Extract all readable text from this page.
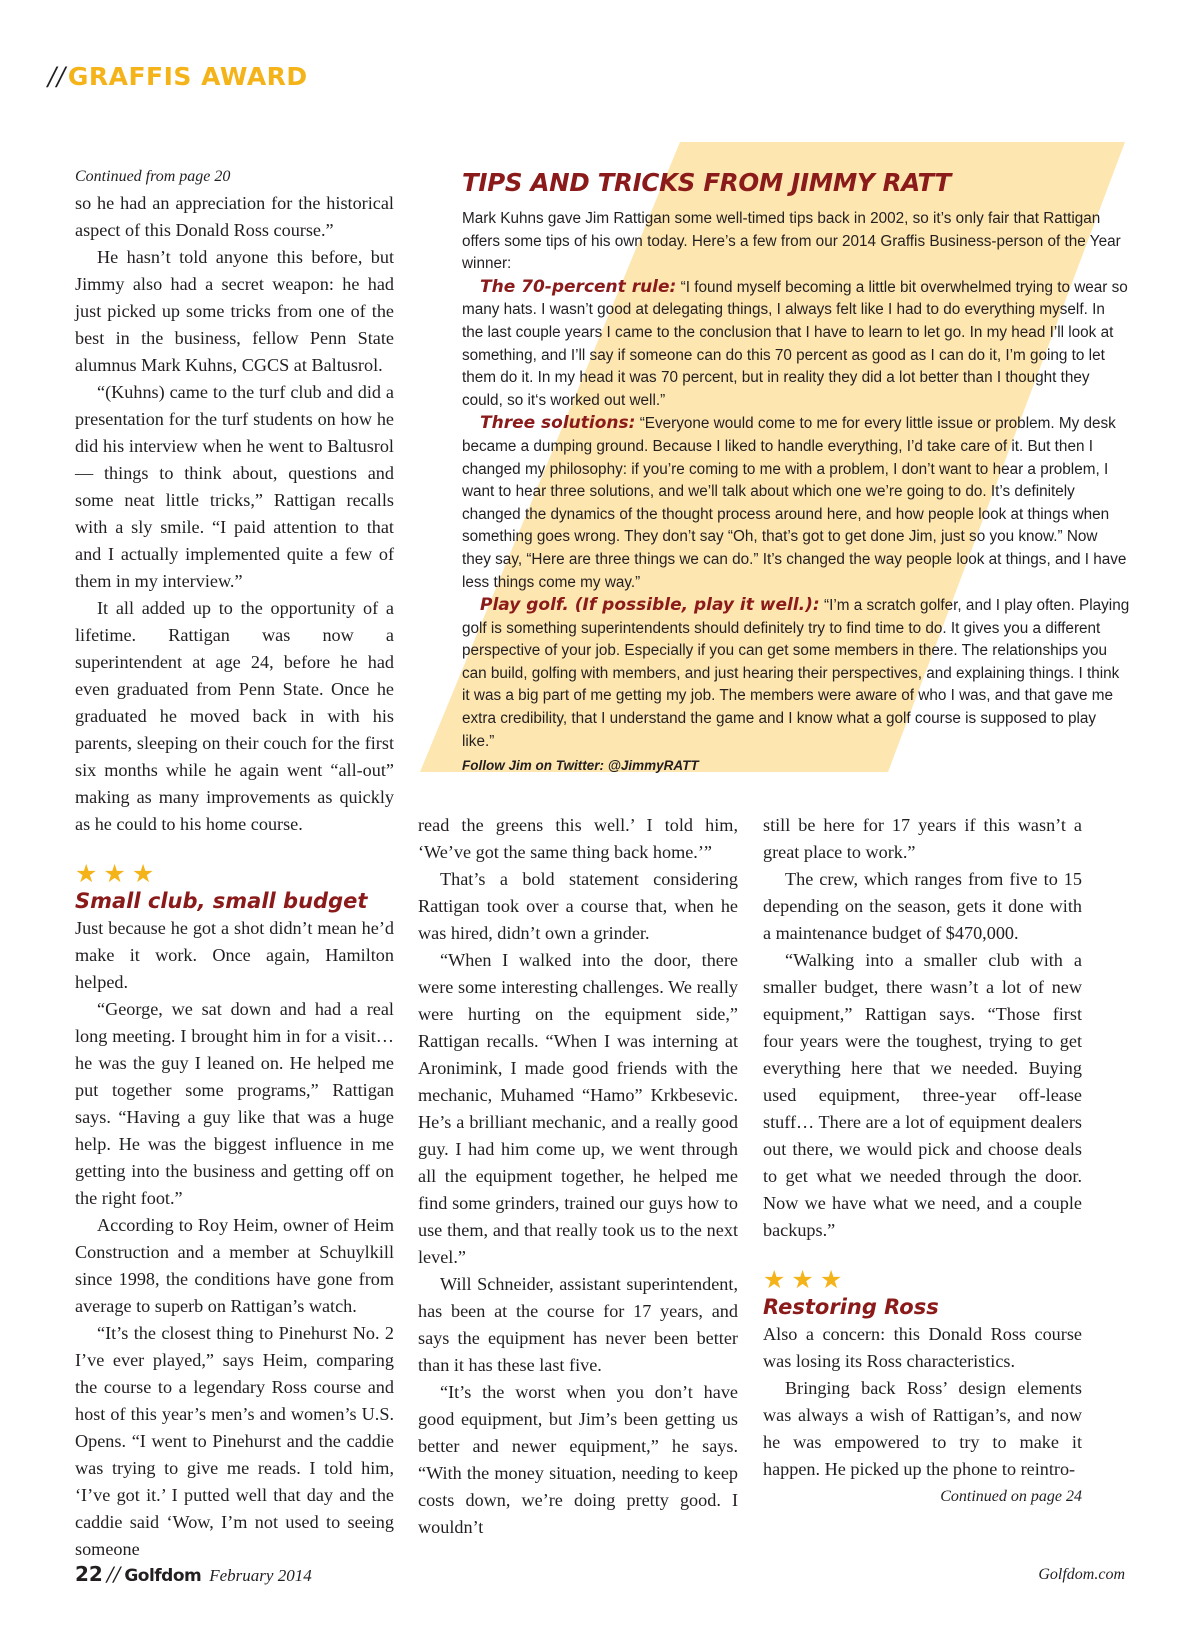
//GRAFFIS AWARD
Continued from page 20

so he had an appreciation for the historical aspect of this Donald Ross course.”

He hasn’t told anyone this before, but Jimmy also had a secret weapon: he had just picked up some tricks from one of the best in the business, fellow Penn State alumnus Mark Kuhns, CGCS at Baltusrol.

“(Kuhns) came to the turf club and did a presentation for the turf students on how he did his interview when he went to Baltusrol — things to think about, questions and some neat little tricks,” Rattigan recalls with a sly smile. “I paid attention to that and I actually implemented quite a few of them in my interview.”

It all added up to the opportunity of a lifetime. Rattigan was now a superintendent at age 24, before he had even graduated from Penn State. Once he graduated he moved back in with his parents, sleeping on their couch for the first six months while he again went “all-out” making as many improvements as quickly as he could to his home course.

★★★
Small club, small budget

Just because he got a shot didn’t mean he’d make it work. Once again, Hamilton helped.

“George, we sat down and had a real long meeting. I brought him in for a visit… he was the guy I leaned on. He helped me put together some programs,” Rattigan says. “Having a guy like that was a huge help. He was the biggest influence in me getting into the business and getting off on the right foot.”

According to Roy Heim, owner of Heim Construction and a member at Schuylkill since 1998, the conditions have gone from average to superb on Rattigan’s watch.

“It’s the closest thing to Pinehurst No. 2 I’ve ever played,” says Heim, comparing the course to a legendary Ross course and host of this year’s men’s and women’s U.S. Opens. “I went to Pinehurst and the caddie was trying to give me reads. I told him, ‘I’ve got it.’ I putted well that day and the caddie said ‘Wow, I’m not used to seeing someone

TIPS AND TRICKS FROM JIMMY RATT

Mark Kuhns gave Jim Rattigan some well-timed tips back in 2002, so it’s only fair that Rattigan offers some tips of his own today. Here’s a few from our 2014 Graffis Business-person of the Year winner:

The 70-percent rule: “I found myself becoming a little bit overwhelmed trying to wear so many hats. I wasn’t good at delegating things, I always felt like I had to do everything myself. In the last couple years I came to the conclusion that I have to learn to let go. In my head I’ll look at something, and I’ll say if someone can do this 70 percent as good as I can do it, I’m going to let them do it. In my head it was 70 percent, but in reality they did a lot better than I thought they could, so it‘s worked out well.”

Three solutions: “Everyone would come to me for every little issue or problem. My desk became a dumping ground. Because I liked to handle everything, I’d take care of it. But then I changed my philosophy: if you’re coming to me with a problem, I don’t want to hear a problem, I want to hear three solutions, and we’ll talk about which one we’re going to do. It’s definitely changed the dynamics of the thought process around here, and how people look at things when something goes wrong. They don’t say “Oh, that’s got to get done Jim, just so you know.” Now they say, “Here are three things we can do.” It’s changed the way people look at things, and I have less things come my way.”

Play golf. (If possible, play it well.): “I’m a scratch golfer, and I play often. Playing golf is something superintendents should definitely try to find time to do. It gives you a different perspective of your job. Especially if you can get some members in there. The relationships you can build, golfing with members, and just hearing their perspectives, and explaining things. I think it was a big part of me getting my job. The members were aware of who I was, and that gave me extra credibility, that I understand the game and I know what a golf course is supposed to play like.”

Follow Jim on Twitter: @JimmyRATT

read the greens this well.’ I told him, ‘We’ve got the same thing back home.’”

That’s a bold statement considering Rattigan took over a course that, when he was hired, didn’t own a grinder.

“When I walked into the door, there were some interesting challenges. We really were hurting on the equipment side,” Rattigan recalls. “When I was interning at Aronimink, I made good friends with the mechanic, Muhamed “Hamo” Krkbesevic. He’s a brilliant mechanic, and a really good guy. I had him come up, we went through all the equipment together, he helped me find some grinders, trained our guys how to use them, and that really took us to the next level.”

Will Schneider, assistant superintendent, has been at the course for 17 years, and says the equipment has never been better than it has these last five.

“It’s the worst when you don’t have good equipment, but Jim’s been getting us better and newer equipment,” he says. “With the money situation, needing to keep costs down, we’re doing pretty good. I wouldn’t

still be here for 17 years if this wasn’t a great place to work.”

The crew, which ranges from five to 15 depending on the season, gets it done with a maintenance budget of $470,000.

“Walking into a smaller club with a smaller budget, there wasn’t a lot of new equipment,” Rattigan says. “Those first four years were the toughest, trying to get everything here that we needed. Buying used equipment, three-year off-lease stuff… There are a lot of equipment dealers out there, we would pick and choose deals to get what we needed through the door. Now we have what we need, and a couple backups.”

★★★
Restoring Ross

Also a concern: this Donald Ross course was losing its Ross characteristics.

Bringing back Ross’ design elements was always a wish of Rattigan’s, and now he was empowered to try to make it happen. He picked up the phone to reintro-

Continued on page 24
22 // Golfdom February 2014	Golfdom.com
